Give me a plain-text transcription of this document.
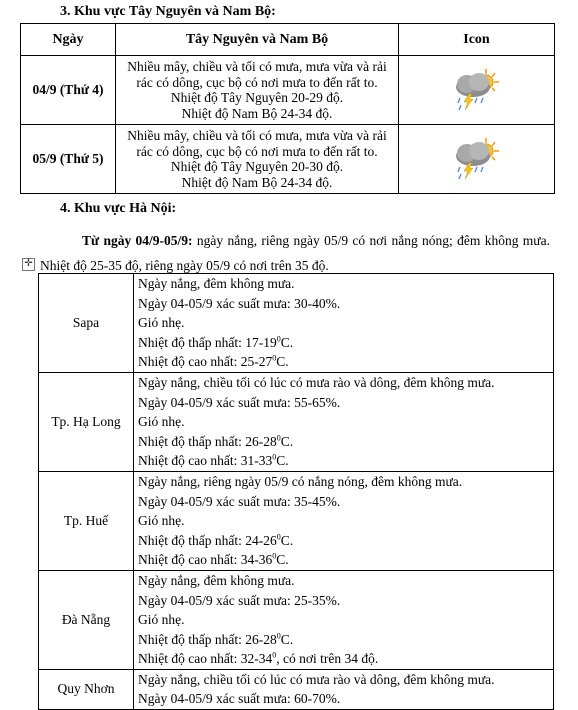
3. Khu vực Tây Nguyên và Nam Bộ:
Ngày	Tây Nguyên và Nam Bộ	Icon
04/9 (Thứ 4)	Nhiều mây, chiều và tối có mưa, mưa vừa và rải
rác có dông, cục bộ có nơi mưa to đến rất to.
Nhiệt độ Tây Nguyên 20-29 độ.
Nhiệt độ Nam Bộ 24-34 độ.

05/9 (Thứ 5)	Nhiều mây, chiều và tối có mưa, mưa vừa và rải
rác có dông, cục bộ có nơi mưa to đến rất to.
Nhiệt độ Tây Nguyên 20-30 độ.
Nhiệt độ Nam Bộ 24-34 độ.

4. Khu vực Hà Nội:
Từ ngày 04/9-05/9: ngày nắng, riêng ngày 05/9 có nơi nắng nóng; đêm không mưa. Nhiệt độ 25-35 độ, riêng ngày 05/9 có nơi trên 35 độ.
✛
Sapa	Ngày nắng, đêm không mưa.
Ngày 04-05/9 xác suất mưa: 30-40%.
Gió nhẹ.
Nhiệt độ thấp nhất: $17-19^0C$.
Nhiệt độ cao nhất: $25-27^0C$.

Tp. Hạ Long	Ngày nắng, chiều tối có lúc có mưa rào và dông, đêm không mưa.
Ngày 04-05/9 xác suất mưa: 55-65%.
Gió nhẹ.
Nhiệt độ thấp nhất: $26-28^0C$.
Nhiệt độ cao nhất: $31-33^0C$.

Tp. Huế	Ngày nắng, riêng ngày 05/9 có nắng nóng, đêm không mưa.
Ngày 04-05/9 xác suất mưa: 35-45%.
Gió nhẹ.
Nhiệt độ thấp nhất: $24-26^0C$.
Nhiệt độ cao nhất: $34-36^0C$.

Đà Nẵng	Ngày nắng, đêm không mưa.
Ngày 04-05/9 xác suất mưa: 25-35%.
Gió nhẹ.
Nhiệt độ thấp nhất: $26-28^0C$.
Nhiệt độ cao nhất: $32-34^0$, có nơi trên 34 độ.

Quy Nhơn	Ngày nắng, chiều tối có lúc có mưa rào và dông, đêm không mưa.
Ngày 04-05/9 xác suất mưa: 60-70%.
